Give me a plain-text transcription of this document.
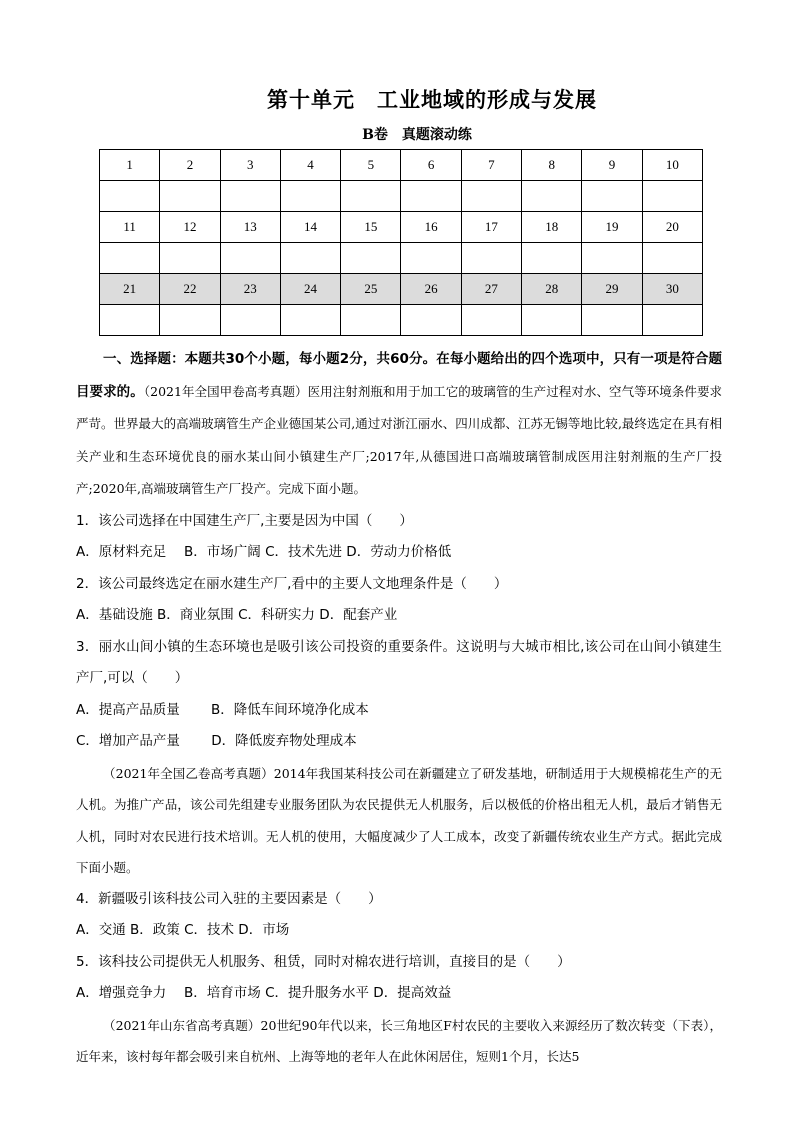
第十单元　工业地域的形成与发展
B卷　真题滚动练
1	2	3	4	5	6	7	8	9	10

11	12	13	14	15	16	17	18	19	20

21	22	23	24	25	26	27	28	29	30

一、选择题：本题共30个小题，每小题2分，共60分。在每小题给出的四个选项中，只有一项是符合题目要求的。（2021年全国甲卷高考真题）医用注射剂瓶和用于加工它的玻璃管的生产过程对水、空气等环境条件要求严苛。世界最大的高端玻璃管生产企业德国某公司,通过对浙江丽水、四川成都、江苏无锡等地比较,最终选定在具有相关产业和生态环境优良的丽水某山间小镇建生产厂;2017年,从德国进口高端玻璃管制成医用注射剂瓶的生产厂投产;2020年,高端玻璃管生产厂投产。完成下面小题。

1．该公司选择在中国建生产厂,主要是因为中国（　　）

A．原材料充足　 B．市场广阔 C．技术先进 D．劳动力价格低

2．该公司最终选定在丽水建生产厂,看中的主要人文地理条件是（　　）

A．基础设施 B．商业氛围 C．科研实力 D．配套产业

3．丽水山间小镇的生态环境也是吸引该公司投资的重要条件。这说明与大城市相比,该公司在山间小镇建生产厂,可以（　　）

A．提高产品质量　　 B．降低车间环境净化成本

C．增加产品产量　　 D．降低废弃物处理成本

（2021年全国乙卷高考真题）2014年我国某科技公司在新疆建立了研发基地，研制适用于大规模棉花生产的无人机。为推广产品，该公司先组建专业服务团队为农民提供无人机服务，后以极低的价格出租无人机，最后才销售无人机，同时对农民进行技术培训。无人机的使用，大幅度减少了人工成本，改变了新疆传统农业生产方式。据此完成下面小题。

4．新疆吸引该科技公司入驻的主要因素是（　　）

A．交通 B．政策 C．技术 D．市场

5．该科技公司提供无人机服务、租赁，同时对棉农进行培训，直接目的是（　　）

A．增强竞争力　 B．培育市场 C．提升服务水平 D．提高效益

（2021年山东省高考真题）20世纪90年代以来，长三角地区F村农民的主要收入来源经历了数次转变（下表），近年来，该村每年都会吸引来自杭州、上海等地的老年人在此休闲居住，短则1个月，长达5
